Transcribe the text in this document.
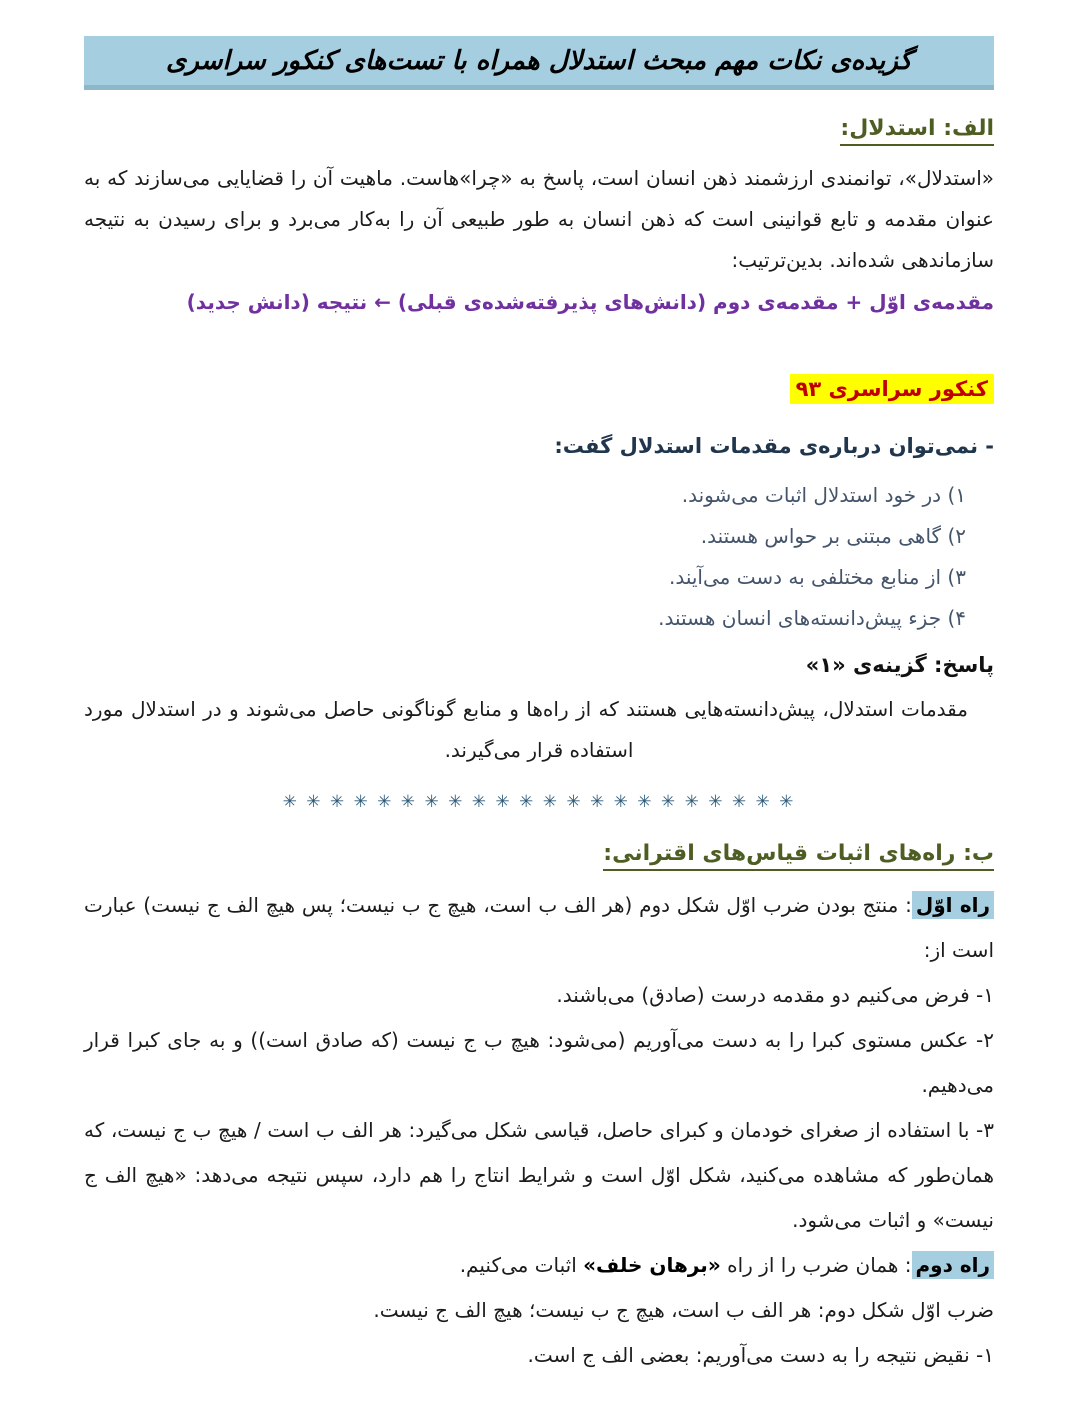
گزیده‌ی نکات مهم مبحث استدلال همراه با تست‌های کنکور سراسری
الف: استدلال:

«استدلال»، توانمندی ارزشمند ذهن انسان است، پاسخ به «چرا»هاست. ماهیت آن را قضایایی می‌سازند که به عنوان مقدمه و تابع قوانینی است که ذهن انسان به طور طبیعی آن را به‌کار می‌برد و برای رسیدن به نتیجه سازماندهی شده‌اند. بدین‌ترتیب:

مقدمه‌ی اوّل + مقدمه‌ی دوم (دانش‌های پذیرفته‌شده‌ی قبلی) ← نتیجه (دانش جدید)

کنکور سراسری ۹۳

- نمی‌توان درباره‌ی مقدمات استدلال گفت:

۱) در خود استدلال اثبات می‌شوند.

۲) گاهی مبتنی بر حواس هستند.

۳) از منابع مختلفی به دست می‌آیند.

۴) جزء پیش‌دانسته‌های انسان هستند.

پاسخ: گزینه‌ی «۱»

مقدمات استدلال، پیش‌دانسته‌هایی هستند که از راه‌ها و منابع گوناگونی حاصل می‌شوند و در استدلال مورد استفاده قرار می‌گیرند.

✳ ✳ ✳ ✳ ✳ ✳ ✳ ✳ ✳ ✳ ✳ ✳ ✳ ✳ ✳ ✳ ✳ ✳ ✳ ✳ ✳ ✳
ب: راه‌های اثبات قیاس‌های اقترانی:

راه اوّل: منتج بودن ضرب اوّل شکل دوم (هر الف ب است، هیچ ج ب نیست؛ پس هیچ الف ج نیست) عبارت است از:

۱- فرض می‌کنیم دو مقدمه درست (صادق) می‌باشند.

۲- عکس مستوی کبرا را به دست می‌آوریم (می‌شود: هیچ ب ج نیست (که صادق است)) و به جای کبرا قرار می‌دهیم.

۳- با استفاده از صغرای خودمان و کبرای حاصل، قیاسی شکل می‌گیرد: هر الف ب است / هیچ ب ج نیست، که همان‌طور که مشاهده می‌کنید، شکل اوّل است و شرایط انتاج را هم دارد، سپس نتیجه می‌دهد: «هیچ الف ج نیست» و اثبات می‌شود.

راه دوم: همان ضرب را از راه «برهان خلف» اثبات می‌کنیم.

ضرب اوّل شکل دوم: هر الف ب است، هیچ ج ب نیست؛ هیچ الف ج نیست.

۱- نقیض نتیجه را به دست می‌آوریم: بعضی الف ج است.
